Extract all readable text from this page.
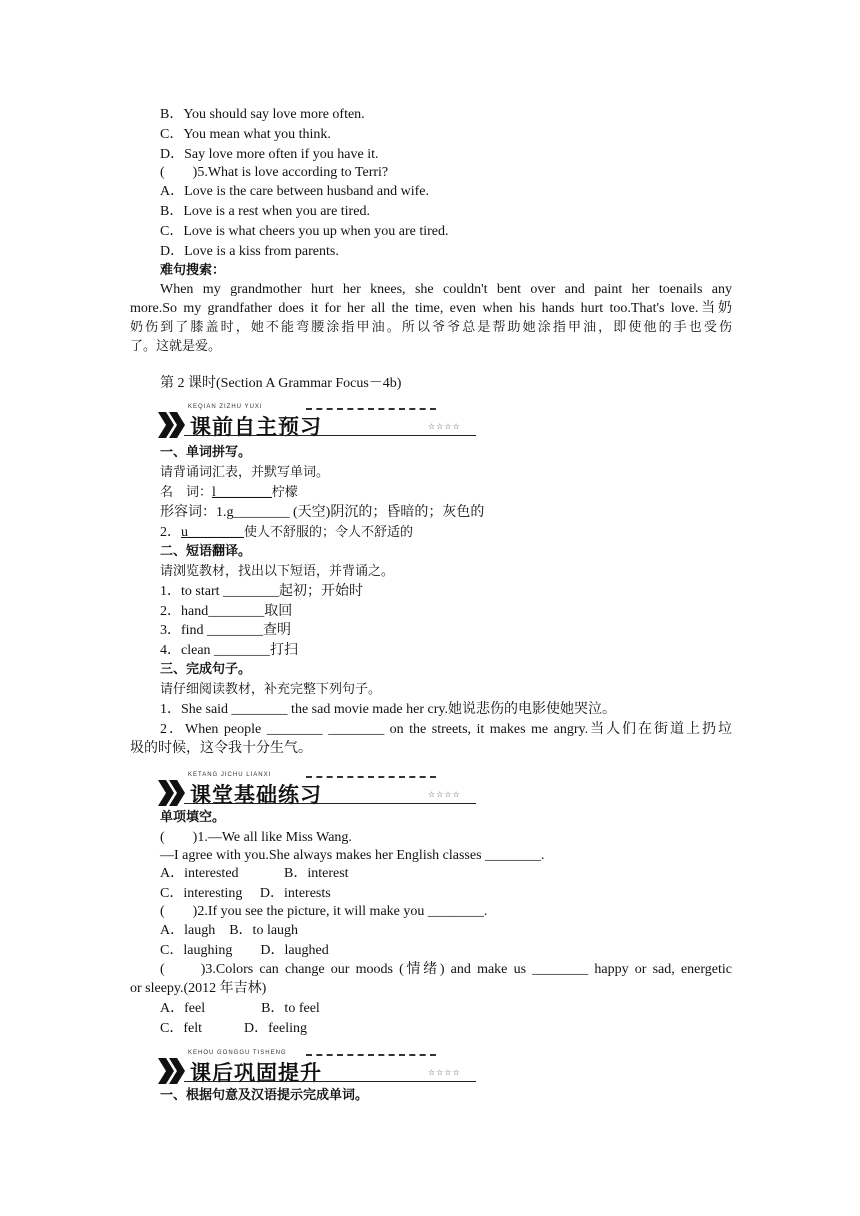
B．You should say love more often.
C．You mean what you think.
D．Say love more often if you have it.
(　　)5.What is love according to Terri?
A．Love is the care between husband and wife.
B．Love is a rest when you are tired.
C．Love is what cheers you up when you are tired.
D．Love is a kiss from parents.
难句搜索：
When my grandmother hurt her knees, she couldn't bent over and paint her toenails any
more.So my grandfather does it for her all the time, even when his hands hurt too.That's love.当奶
奶伤到了膝盖时，她不能弯腰涂指甲油。所以爷爷总是帮助她涂指甲油，即使他的手也受伤
了。这就是爱。
第 2 课时(Section A Grammar Focus－4b)
KEQIAN ZIZHU YUXI
课前自主预习	☆☆☆☆
一、单词拼写。
请背诵词汇表，并默写单词。
名　词：l________柠檬
形容词：1.g________ (天空)阴沉的；昏暗的；灰色的
2．u________使人不舒服的；令人不舒适的
二、短语翻译。
请浏览教材，找出以下短语，并背诵之。
1．to start ________起初；开始时
2．hand________取回
3．find ________查明
4．clean ________打扫
三、完成句子。
请仔细阅读教材，补充完整下列句子。
1．She said ________ the sad movie made her cry.她说悲伤的电影使她哭泣。
2．When people ________ ________ on the streets, it makes me angry.当人们在街道上扔垃
圾的时候，这令我十分生气。
KETANG JICHU LIANXI
课堂基础练习	☆☆☆☆
单项填空。
(　　)1.—We all like Miss Wang.
—I agree with you.She always makes her English classes ________.
A．interested　　　 B．interest
C．interesting　 D．interests
(　　)2.If you see the picture, it will make you ________.
A．laugh　B．to laugh
C．laughing　　D．laughed
(　　)3.Colors can change our moods (情绪) and make us ________ happy or sad, energetic
or sleepy.(2012 年吉林)
A．feel　　　　B．to feel
C．felt　　　D．feeling
KEHOU GONGGU TISHENG
课后巩固提升	☆☆☆☆
一、根据句意及汉语提示完成单词。
